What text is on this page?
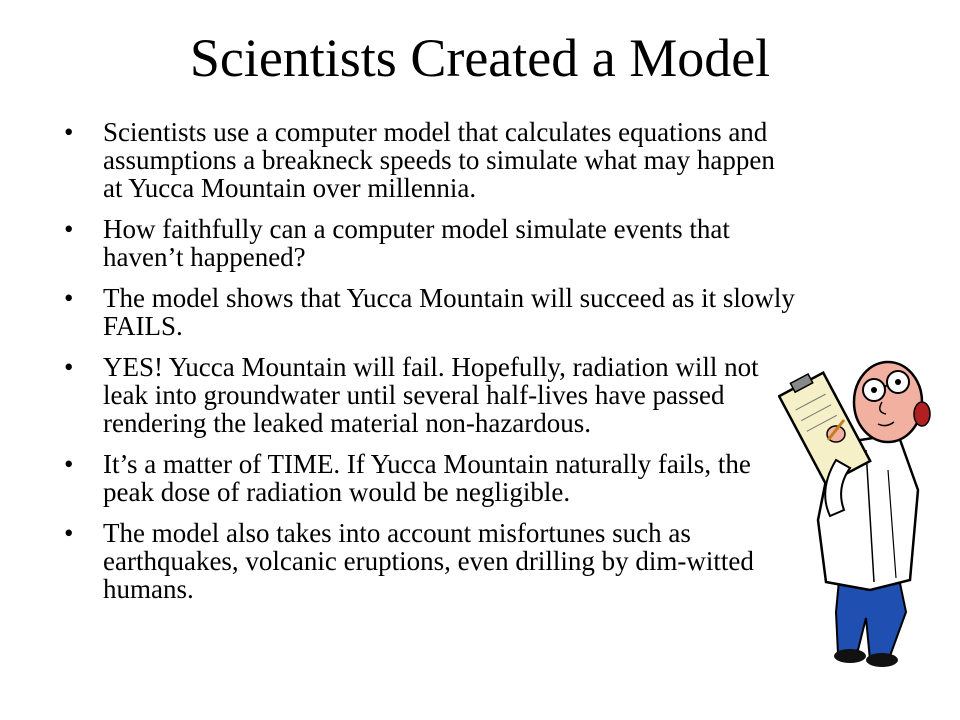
Scientists Created a Model
• Scientists use a computer model that calculates equations and assumptions a breakneck speeds to simulate what may happen at Yucca Mountain over millennia.
• How faithfully can a computer model simulate events that haven’t happened?
• The model shows that Yucca Mountain will succeed as it slowly FAILS.
• YES! Yucca Mountain will fail. Hopefully, radiation will not leak into groundwater until several half-lives have passed rendering the leaked material non-hazardous.
• It’s a matter of TIME. If Yucca Mountain naturally fails, the peak dose of radiation would be negligible.
• The model also takes into account misfortunes such as earthquakes, volcanic eruptions, even drilling by dim-witted humans.
